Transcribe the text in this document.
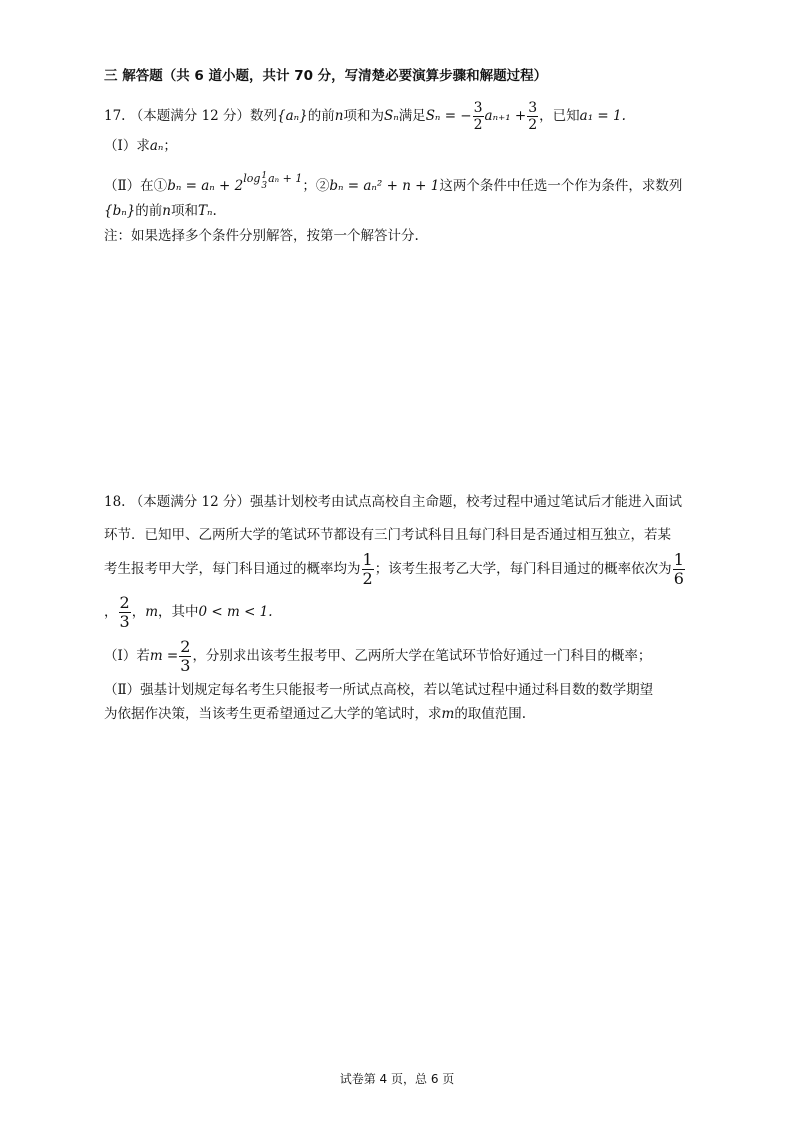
三 解答题（共 6 道小题，共计 70 分，写清楚必要演算步骤和解题过程）
17. （本题满分 12 分）数列{aₙ}的前n项和为Sₙ满足Sₙ = − $\frac{3}{2} a_{n+1} + \frac{3}{2}$ ，已知a₁ = 1.
（Ⅰ）求aₙ；
（Ⅱ）在①bₙ = aₙ + 2log 1
3
aₙ + 1；②bₙ = aₙ² + n + 1这两个条件中任选一个作为条件，求数列
{bₙ}的前n项和Tₙ.
注：如果选择多个条件分别解答，按第一个解答计分.
18. （本题满分 12 分）强基计划校考由试点高校自主命题，校考过程中通过笔试后才能进入面试
环节．已知甲、乙两所大学的笔试环节都设有三门考试科目且每门科目是否通过相互独立，若某
考生报考甲大学，每门科目通过的概率均为 $\frac{1}{2}$ ；该考生报考乙大学，每门科目通过的概率依次为 $\frac{1}{6}$
， $\frac{2}{3}$ ，m，其中0 < m < 1.
（Ⅰ）若$m = \frac{2}{3}$ ，分别求出该考生报考甲、乙两所大学在笔试环节恰好通过一门科目的概率；
（Ⅱ）强基计划规定每名考生只能报考一所试点高校，若以笔试过程中通过科目数的数学期望
为依据作决策，当该考生更希望通过乙大学的笔试时，求m的取值范围.
试卷第 4 页，总 6 页
